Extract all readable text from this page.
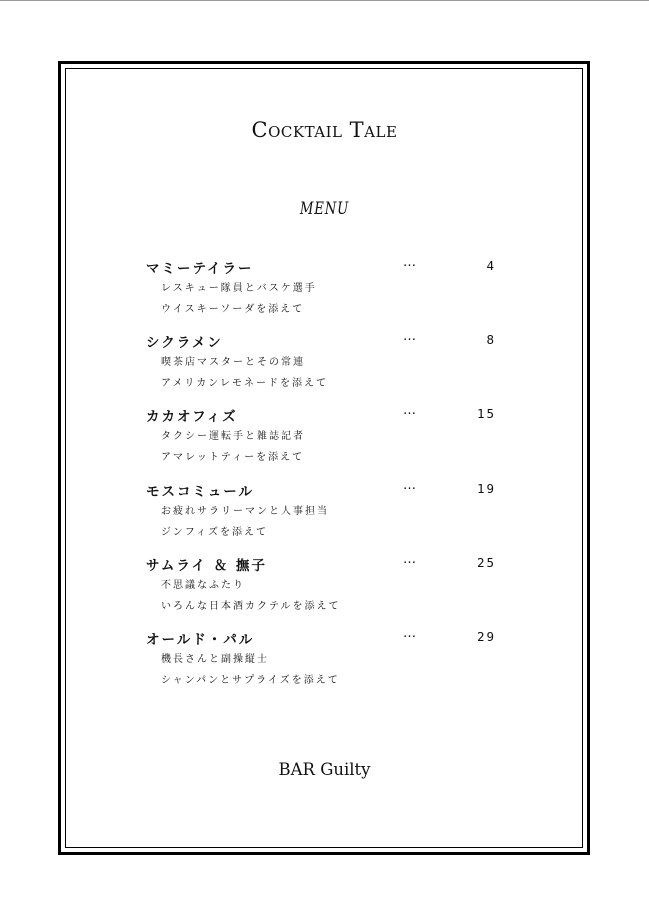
Cocktail Tale
MENU
マミーテイラー	…	4
レスキュー隊員とバスケ選手
ウイスキーソーダを添えて
シクラメン	…	8
喫茶店マスターとその常連
アメリカンレモネードを添えて
カカオフィズ	…	15
タクシー運転手と雑誌記者
アマレットティーを添えて
モスコミュール	…	19
お疲れサラリーマンと人事担当
ジンフィズを添えて
サムライ ＆ 撫子	…	25
不思議なふたり
いろんな日本酒カクテルを添えて
オールド・パル	…	29
機長さんと副操縦士
シャンパンとサプライズを添えて
BAR Guilty
